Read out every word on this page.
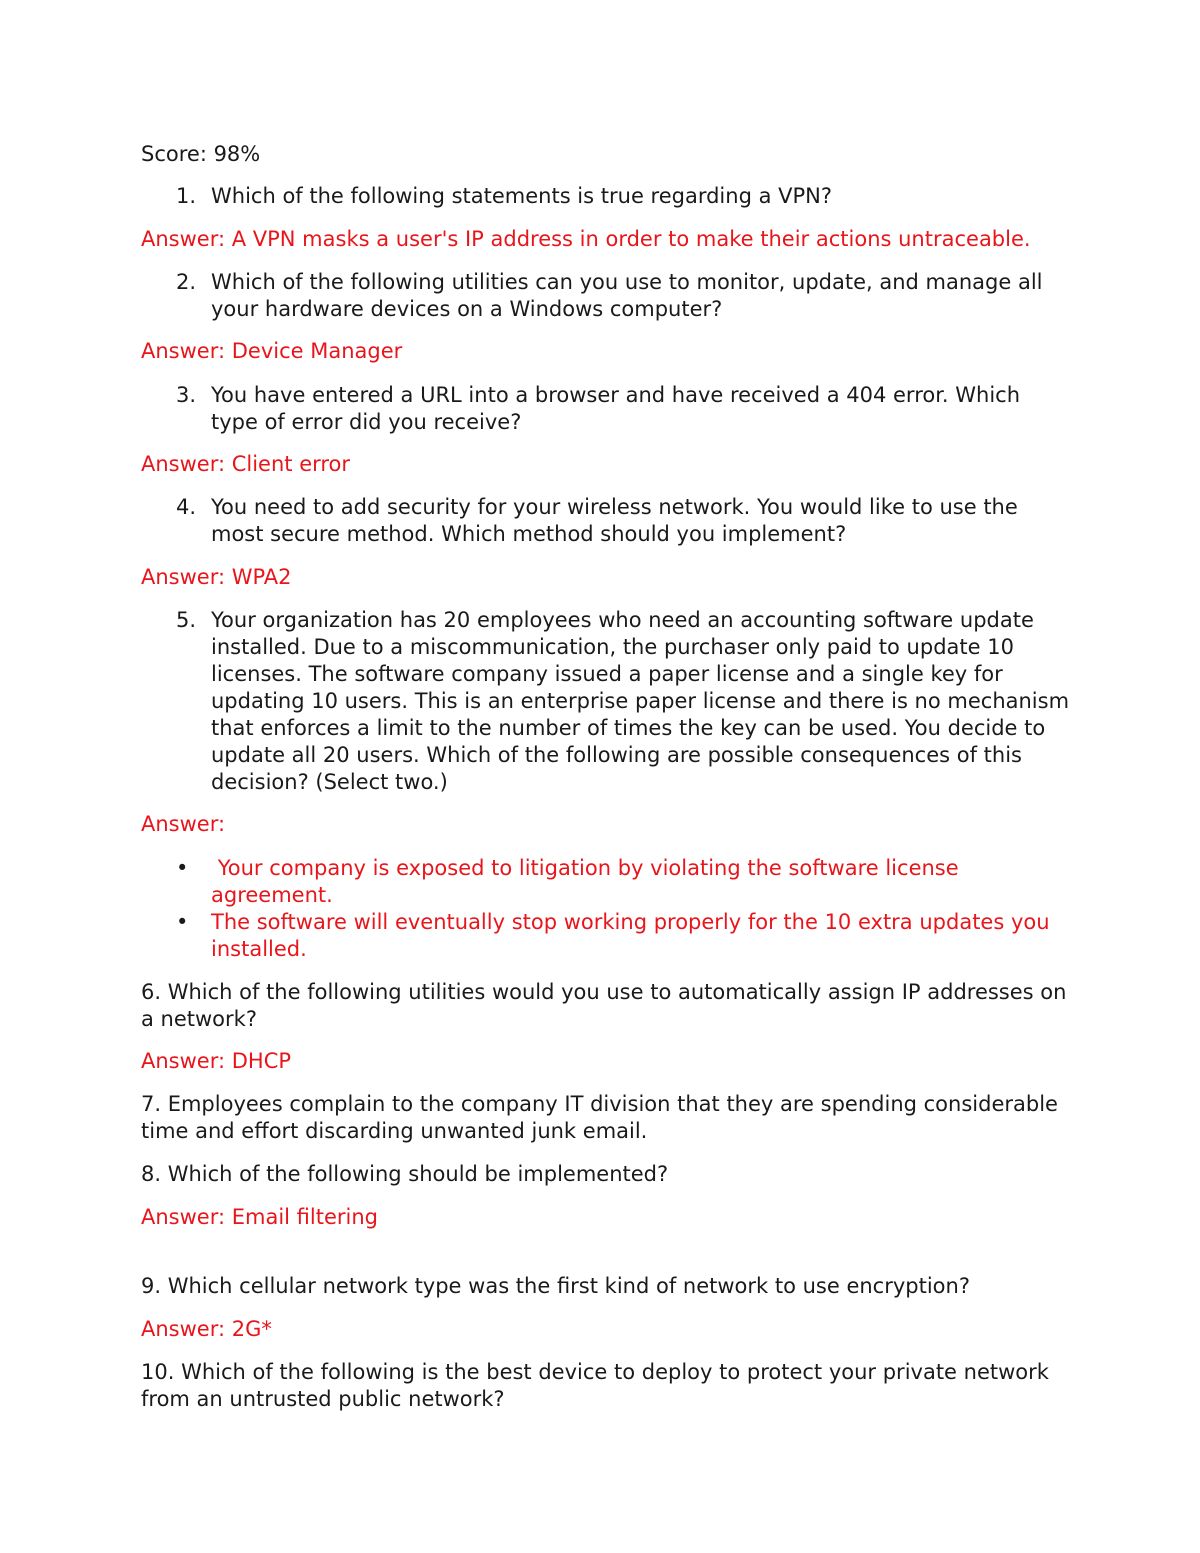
Score: 98%
1. Which of the following statements is true regarding a VPN?
Answer: A VPN masks a user's IP address in order to make their actions untraceable.
2. Which of the following utilities can you use to monitor, update, and manage all your hardware devices on a Windows computer?
Answer: Device Manager
3. You have entered a URL into a browser and have received a 404 error. Which type of error did you receive?
Answer: Client error
4. You need to add security for your wireless network. You would like to use the most secure method. Which method should you implement?
Answer: WPA2
5. Your organization has 20 employees who need an accounting software update installed. Due to a miscommunication, the purchaser only paid to update 10 licenses. The software company issued a paper license and a single key for updating 10 users. This is an enterprise paper license and there is no mechanism that enforces a limit to the number of times the key can be used. You decide to update all 20 users. Which of the following are possible consequences of this decision? (Select two.)
Answer:
• Your company is exposed to litigation by violating the software license agreement.
• The software will eventually stop working properly for the 10 extra updates you installed.
6. Which of the following utilities would you use to automatically assign IP addresses on a network?
Answer: DHCP
7. Employees complain to the company IT division that they are spending considerable time and effort discarding unwanted junk email.
8. Which of the following should be implemented?
Answer: Email filtering
9. Which cellular network type was the first kind of network to use encryption?
Answer: 2G*
10. Which of the following is the best device to deploy to protect your private network from an untrusted public network?
